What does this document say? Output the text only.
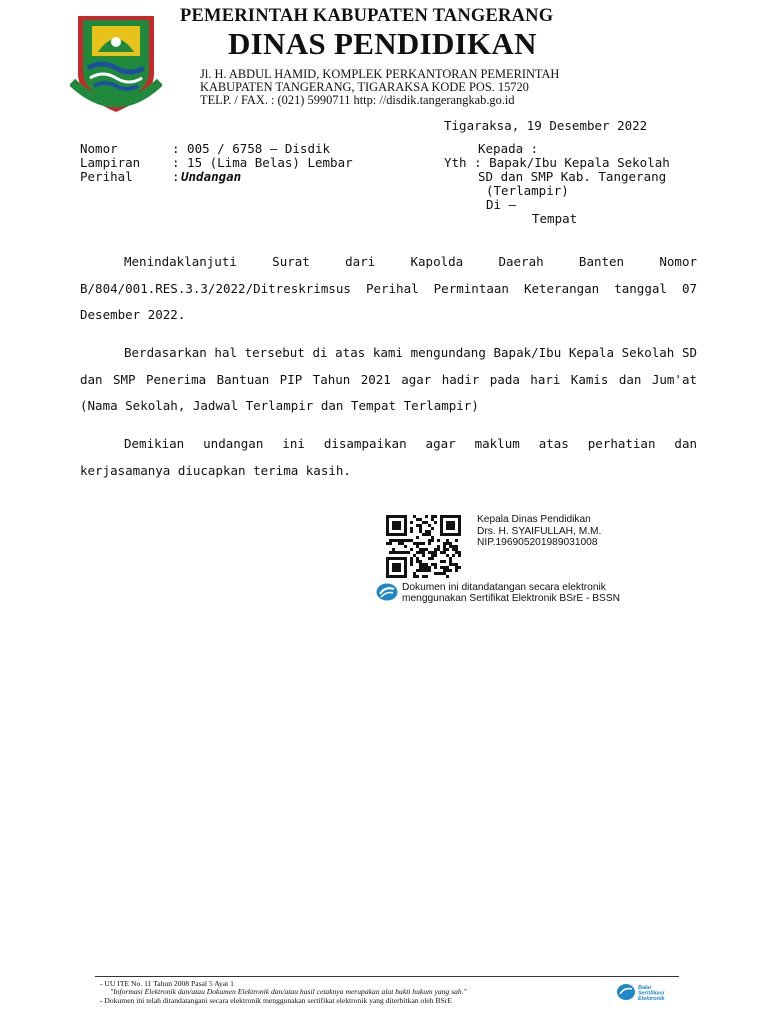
PEMERINTAH KABUPATEN TANGERANG
DINAS PENDIDIKAN
Jl. H. ABDUL HAMID, KOMPLEK PERKANTORAN PEMERINTAH
KABUPATEN TANGERANG, TIGARAKSA KODE POS. 15720
TELP. / FAX. : (021) 5990711 http: //disdik.tangerangkab.go.id
Tigaraksa, 19 Desember 2022
Nomor
Lampiran
Perihal
: 005 / 6758 – Disdik
: 15 (Lima Belas) Lembar
: Undangan
Kepada :
Yth : Bapak/Ibu Kepala Sekolah
SD dan SMP Kab. Tangerang
(Terlampir)
Di –
Tempat
Menindaklanjuti Surat dari Kapolda Daerah Banten Nomor B/804/001.RES.3.3/2022/Ditreskrimsus Perihal Permintaan Keterangan tanggal 07 Desember 2022.
Berdasarkan hal tersebut di atas kami mengundang Bapak/Ibu Kepala Sekolah SD dan SMP Penerima Bantuan PIP Tahun 2021 agar hadir pada hari Kamis dan Jum'at (Nama Sekolah, Jadwal Terlampir dan Tempat Terlampir)
Demikian undangan ini disampaikan agar maklum atas perhatian dan kerjasamanya diucapkan terima kasih.
Kepala Dinas Pendidikan
Drs. H. SYAIFULLAH, M.M.
NIP.196905201989031008
Dokumen ini ditandatangan secara elektronik
menggunakan Sertifikat Elektronik BSrE - BSSN
- UU ITE No. 11 Tahun 2008 Pasal 5 Ayat 1
"Informasi Elektronik dan/atau Dokumen Elektronik dan/atau hasil cetaknya merupakan alat bukti hukum yang sah."
- Dokumen ini telah ditandatangani secara elektronik menggunakan sertifikat elektronik yang diterbitkan oleh BSrE
Balai
Sertifikasi
Elektronik
